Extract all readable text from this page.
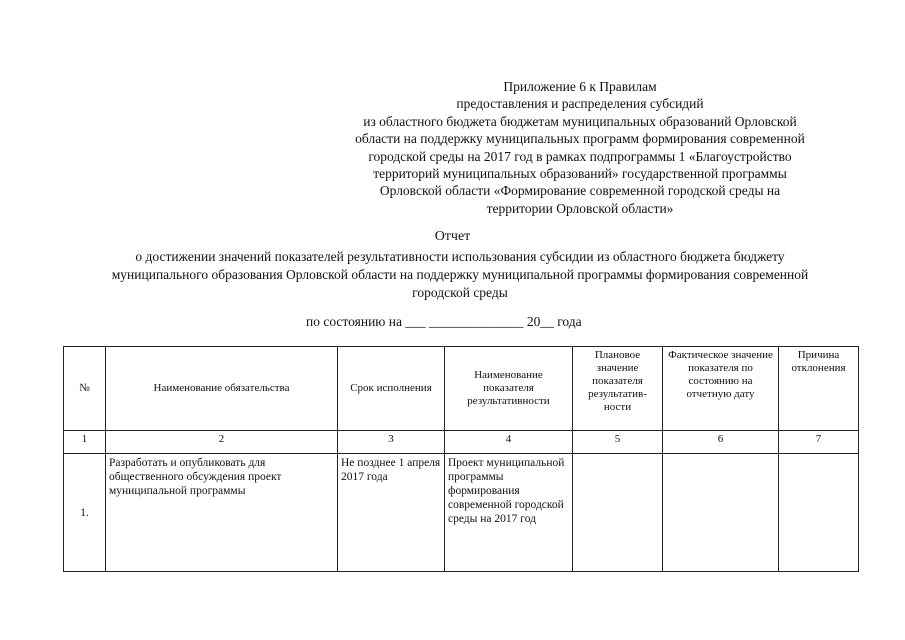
Приложение 6 к Правилам
предоставления и распределения субсидий
из областного бюджета бюджетам муниципальных образований Орловской
области на поддержку муниципальных программ формирования современной
городской среды на 2017 год в рамках подпрограммы 1 «Благоустройство
территорий муниципальных образований» государственной программы
Орловской области «Формирование современной городской среды на
территории Орловской области»
Отчет
о достижении значений показателей результативности использования субсидии из областного бюджета бюджету
муниципального образования Орловской области на поддержку муниципальной программы формирования современной
городской среды
по состоянию на ___ ______________ 20__ года
№	Наименование обязательства	Срок исполнения	Наименование показателя результативности	Плановое значение показателя результатив-ности	Фактическое значение показателя по состоянию на отчетную дату	Причина отклонения
1	2	3	4	5	6	7
1.	Разработать и опубликовать для общественного обсуждения проект муниципальной программы	Не позднее 1 апреля 2017 года	Проект муниципальной программы формирования современной городской среды на 2017 год			
